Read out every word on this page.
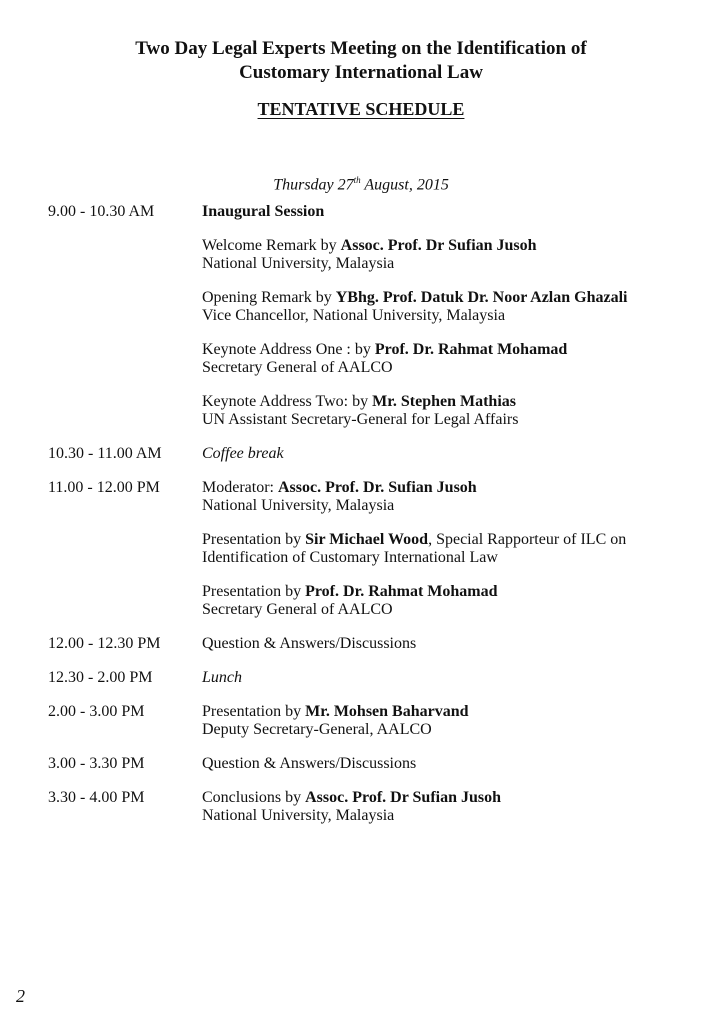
Two Day Legal Experts Meeting on the Identification of
Customary International Law
TENTATIVE SCHEDULE
Thursday 27th August, 2015
9.00 - 10.30 AM	Inaugural Session
Welcome Remark by Assoc. Prof. Dr Sufian Jusoh
National University, Malaysia
Opening Remark by YBhg. Prof. Datuk Dr. Noor Azlan Ghazali
Vice Chancellor, National University, Malaysia
Keynote Address One : by Prof. Dr. Rahmat Mohamad
Secretary General of AALCO
Keynote Address Two: by Mr. Stephen Mathias
UN Assistant Secretary-General for Legal Affairs
10.30 - 11.00 AM	Coffee break
11.00 - 12.00 PM	Moderator: Assoc. Prof. Dr. Sufian Jusoh
National University, Malaysia
Presentation by Sir Michael Wood, Special Rapporteur of ILC on
Identification of Customary International Law
Presentation by Prof. Dr. Rahmat Mohamad
Secretary General of AALCO
12.00 - 12.30 PM	Question & Answers/Discussions
12.30 - 2.00 PM	Lunch
2.00 - 3.00 PM	Presentation by Mr. Mohsen Baharvand
Deputy Secretary-General, AALCO
3.00 - 3.30 PM	Question & Answers/Discussions
3.30 - 4.00 PM	Conclusions by Assoc. Prof. Dr Sufian Jusoh
National University, Malaysia
2
